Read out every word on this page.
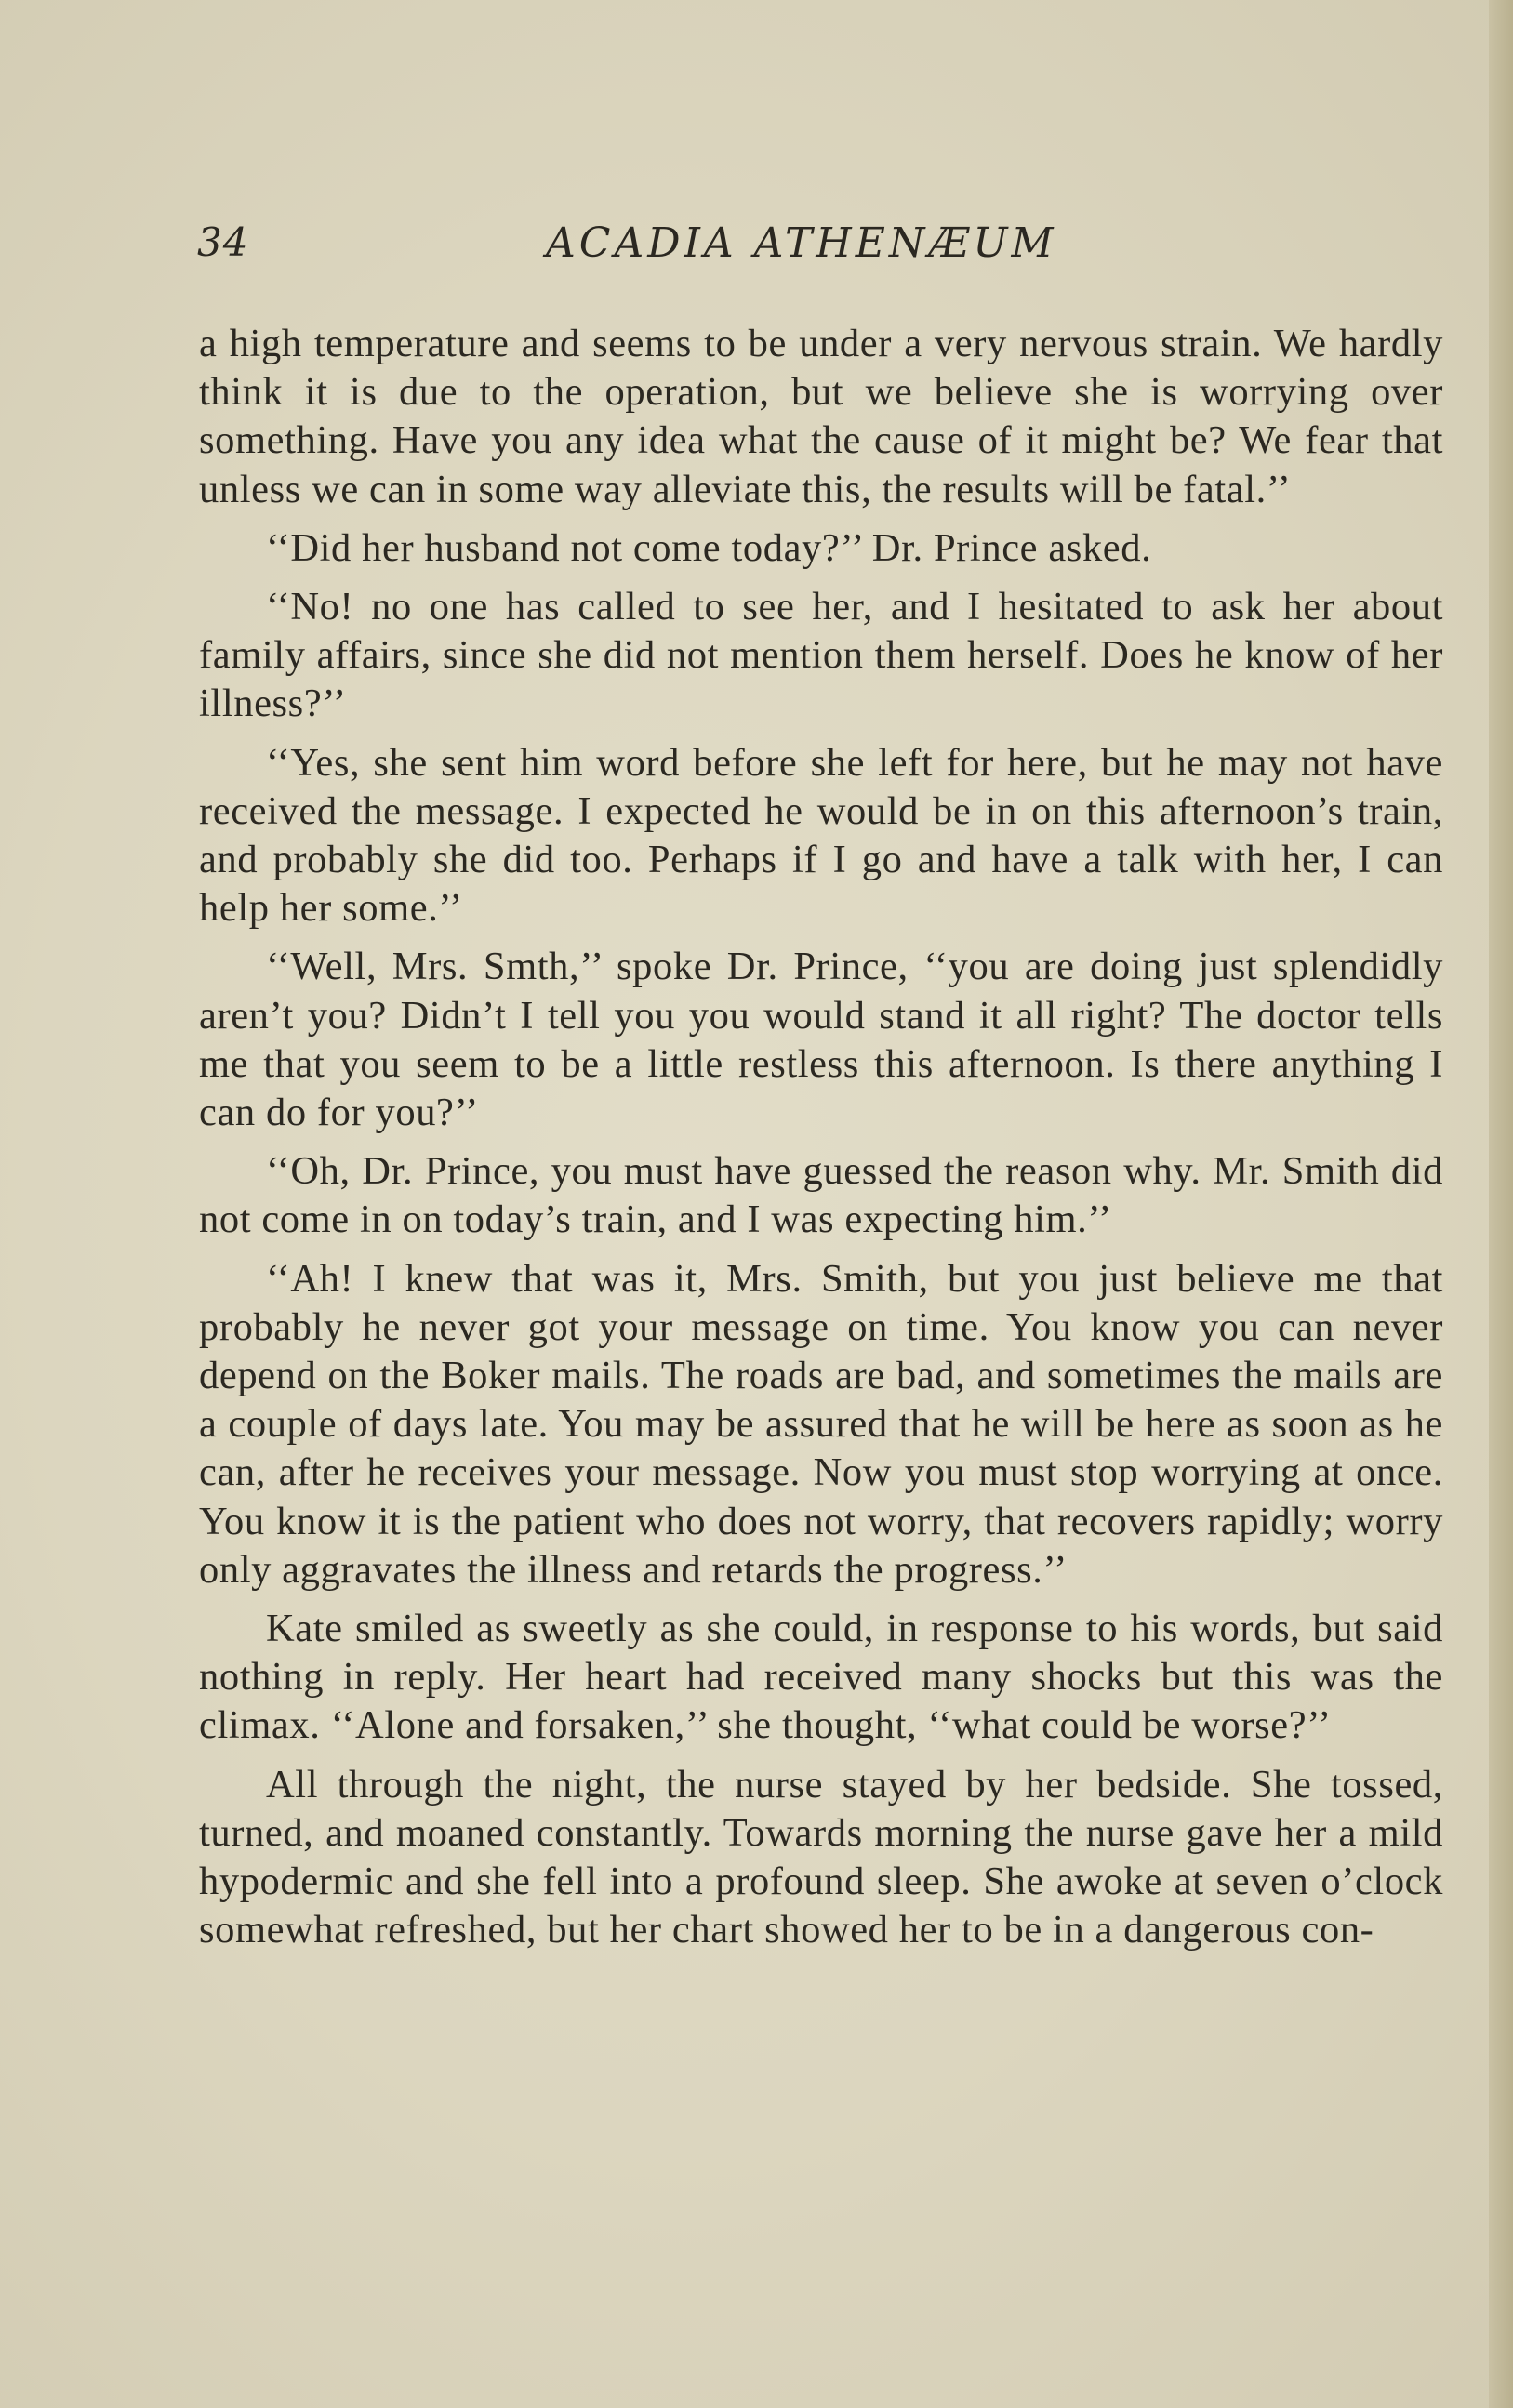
34	ACADIA ATHENÆUM

a high temperature and seems to be under a very nervous strain. We hardly think it is due to the operation, but we believe she is worrying over something. Have you any idea what the cause of it might be? We fear that unless we can in some way alleviate this, the results will be fatal.’’

‘‘Did her husband not come today?’’ Dr. Prince asked.

‘‘No! no one has called to see her, and I hesitated to ask her about family affairs, since she did not mention them herself. Does he know of her illness?’’

‘‘Yes, she sent him word before she left for here, but he may not have received the message. I expected he would be in on this afternoon’s train, and probably she did too. Perhaps if I go and have a talk with her, I can help her some.’’

‘‘Well, Mrs. Smth,’’ spoke Dr. Prince, ‘‘you are doing just splendidly aren’t you? Didn’t I tell you you would stand it all right? The doctor tells me that you seem to be a little restless this afternoon. Is there anything I can do for you?’’

‘‘Oh, Dr. Prince, you must have guessed the reason why. Mr. Smith did not come in on today’s train, and I was expecting him.’’

‘‘Ah! I knew that was it, Mrs. Smith, but you just believe me that probably he never got your message on time. You know you can never depend on the Boker mails. The roads are bad, and sometimes the mails are a couple of days late. You may be assured that he will be here as soon as he can, after he receives your message. Now you must stop worrying at once. You know it is the patient who does not worry, that recovers rapidly; worry only aggravates the illness and retards the progress.’’

Kate smiled as sweetly as she could, in response to his words, but said nothing in reply. Her heart had received many shocks but this was the climax. ‘‘Alone and forsaken,’’ she thought, ‘‘what could be worse?’’

All through the night, the nurse stayed by her bedside. She tossed, turned, and moaned constantly. Towards morning the nurse gave her a mild hypodermic and she fell into a profound sleep. She awoke at seven o’clock somewhat refreshed, but her chart showed her to be in a dangerous con-
